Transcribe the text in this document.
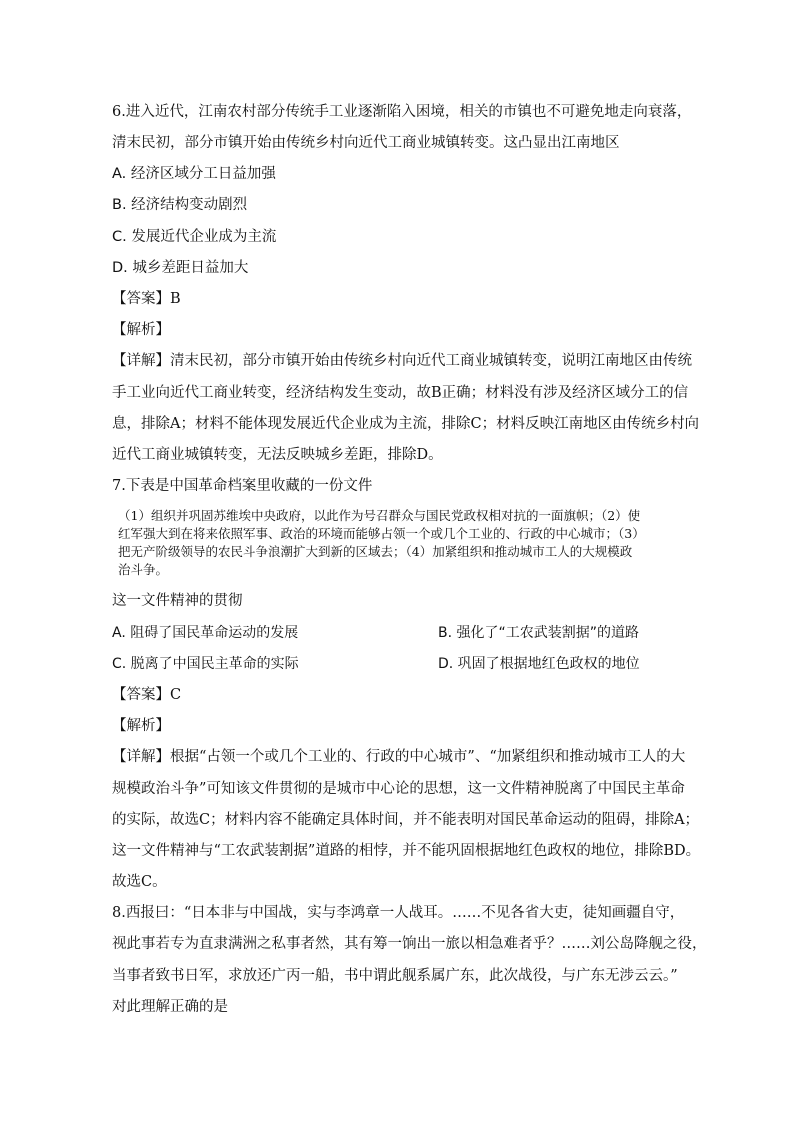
6.进入近代，江南农村部分传统手工业逐渐陷入困境，相关的市镇也不可避免地走向衰落，
清末民初，部分市镇开始由传统乡村向近代工商业城镇转变。这凸显出江南地区
A. 经济区域分工日益加强
B. 经济结构变动剧烈
C. 发展近代企业成为主流
D. 城乡差距日益加大
【答案】B
【解析】
【详解】清末民初，部分市镇开始由传统乡村向近代工商业城镇转变，说明江南地区由传统
手工业向近代工商业转变，经济结构发生变动，故B正确；材料没有涉及经济区域分工的信
息，排除A；材料不能体现发展近代企业成为主流，排除C；材料反映江南地区由传统乡村向
近代工商业城镇转变，无法反映城乡差距，排除D。
7.下表是中国革命档案里收藏的一份文件
（1）组织并巩固苏维埃中央政府，以此作为号召群众与国民党政权相对抗的一面旗帜；（2）使
红军强大到在将来依照军事、政治的环境而能够占领一个或几个工业的、行政的中心城市；（3）
把无产阶级领导的农民斗争浪潮扩大到新的区域去；（4）加紧组织和推动城市工人的大规模政
治斗争。
这一文件精神的贯彻
A. 阻碍了国民革命运动的发展	B. 强化了“工农武装割据”的道路
C. 脱离了中国民主革命的实际	D. 巩固了根据地红色政权的地位
【答案】C
【解析】
【详解】根据“占领一个或几个工业的、行政的中心城市”、“加紧组织和推动城市工人的大
规模政治斗争”可知该文件贯彻的是城市中心论的思想，这一文件精神脱离了中国民主革命
的实际，故选C；材料内容不能确定具体时间，并不能表明对国民革命运动的阻碍，排除A；
这一文件精神与“工农武装割据”道路的相悖，并不能巩固根据地红色政权的地位，排除BD。
故选C。
8.西报曰：“日本非与中国战，实与李鸿章一人战耳。……不见各省大吏，徒知画疆自守，
视此事若专为直隶满洲之私事者然，其有筹一饷出一旅以相急难者乎？……刘公岛降舰之役，
当事者致书日军，求放还广丙一船，书中谓此舰系属广东，此次战役，与广东无涉云云。”
对此理解正确的是
